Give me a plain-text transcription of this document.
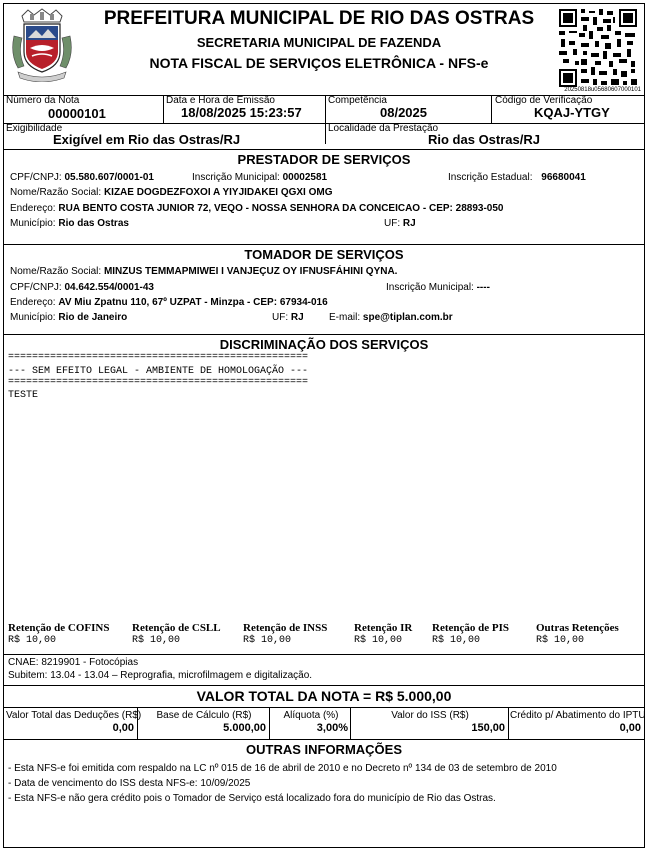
PREFEITURA MUNICIPAL DE RIO DAS OSTRAS
SECRETARIA MUNICIPAL DE FAZENDA
NOTA FISCAL DE SERVIÇOS ELETRÔNICA - NFS-e
20250818u05680607000101
Número da Nota
00000101
Data e Hora de Emissão
18/08/2025 15:23:57
Competência
08/2025
Código de Verificação
KQAJ-YTGY
Exigibilidade
Exigível em Rio das Ostras/RJ
Localidade da Prestação
Rio das Ostras/RJ
PRESTADOR DE SERVIÇOS
CPF/CNPJ: 05.580.607/0001-01	Inscrição Municipal: 00002581	Inscrição Estadual: 96680041
Nome/Razão Social: KIZAE DOGDEZFOXOI A YIYJIDAKEI QGXI OMG
Endereço: RUA BENTO COSTA JUNIOR 72, VEQO - NOSSA SENHORA DA CONCEICAO - CEP: 28893-050
Município: Rio das Ostras	UF: RJ
TOMADOR DE SERVIÇOS
Nome/Razão Social: MINZUS TEMMAPMIWEI I VANJEÇUZ OY IFNUSFÁHINI QYNA.
CPF/CNPJ: 04.642.554/0001-43	Inscrição Municipal: ----
Endereço: AV Miu Zpatnu 110, 67º UZPAT - Minzpa - CEP: 67934-016
Município: Rio de Janeiro	UF: RJ	E-mail: spe@tiplan.com.br
DISCRIMINAÇÃO DOS SERVIÇOS
==================================================
--- SEM EFEITO LEGAL - AMBIENTE DE HOMOLOGAÇÃO ---
==================================================
TESTE
Retenção de COFINS
R$ 10,00
Retenção de CSLL
R$ 10,00
Retenção de INSS
R$ 10,00
Retenção IR
R$ 10,00
Retenção de PIS
R$ 10,00
Outras Retenções
R$ 10,00
CNAE: 8219901 - Fotocópias
Subitem: 13.04 - 13.04 – Reprografia, microfilmagem e digitalização.
VALOR TOTAL DA NOTA = R$ 5.000,00
Valor Total das Deduções (R$)
0,00
Base de Cálculo (R$)
5.000,00
Alíquota (%)
3,00%
Valor do ISS (R$)
150,00
Crédito p/ Abatimento do IPTU
0,00
OUTRAS INFORMAÇÕES
- Esta NFS-e foi emitida com respaldo na LC nº 015 de 16 de abril de 2010 e no Decreto nº 134 de 03 de setembro de 2010
- Data de vencimento do ISS desta NFS-e: 10/09/2025
- Esta NFS-e não gera crédito pois o Tomador de Serviço está localizado fora do município de Rio das Ostras.
